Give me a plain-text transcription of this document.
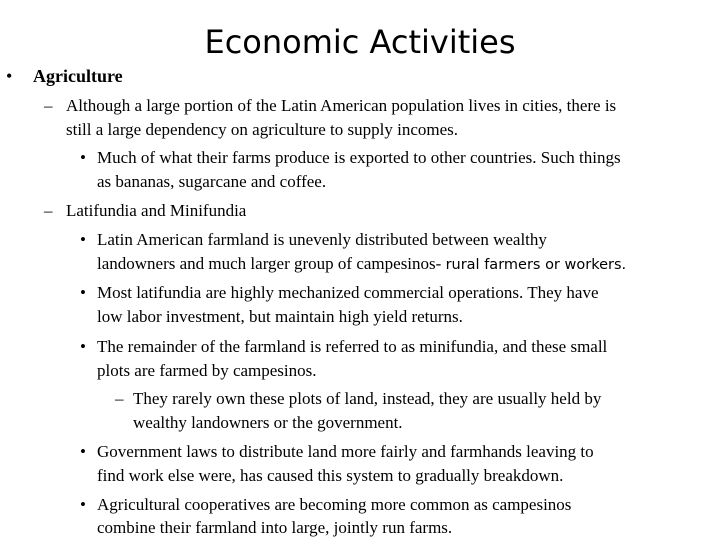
Economic Activities
• Agriculture
– Although a large portion of the Latin American population lives in cities, there is
still a large dependency on agriculture to supply incomes.
• Much of what their farms produce is exported to other countries. Such things
as bananas, sugarcane and coffee.
– Latifundia and Minifundia
• Latin American farmland is unevenly distributed between wealthy
landowners and much larger group of campesinos- rural farmers or workers.
• Most latifundia are highly mechanized commercial operations. They have
low labor investment, but maintain high yield returns.
• The remainder of the farmland is referred to as minifundia, and these small
plots are farmed by campesinos.
– They rarely own these plots of land, instead, they are usually held by
wealthy landowners or the government.
• Government laws to distribute land more fairly and farmhands leaving to
find work else were, has caused this system to gradually breakdown.
• Agricultural cooperatives are becoming more common as campesinos
combine their farmland into large, jointly run farms.
